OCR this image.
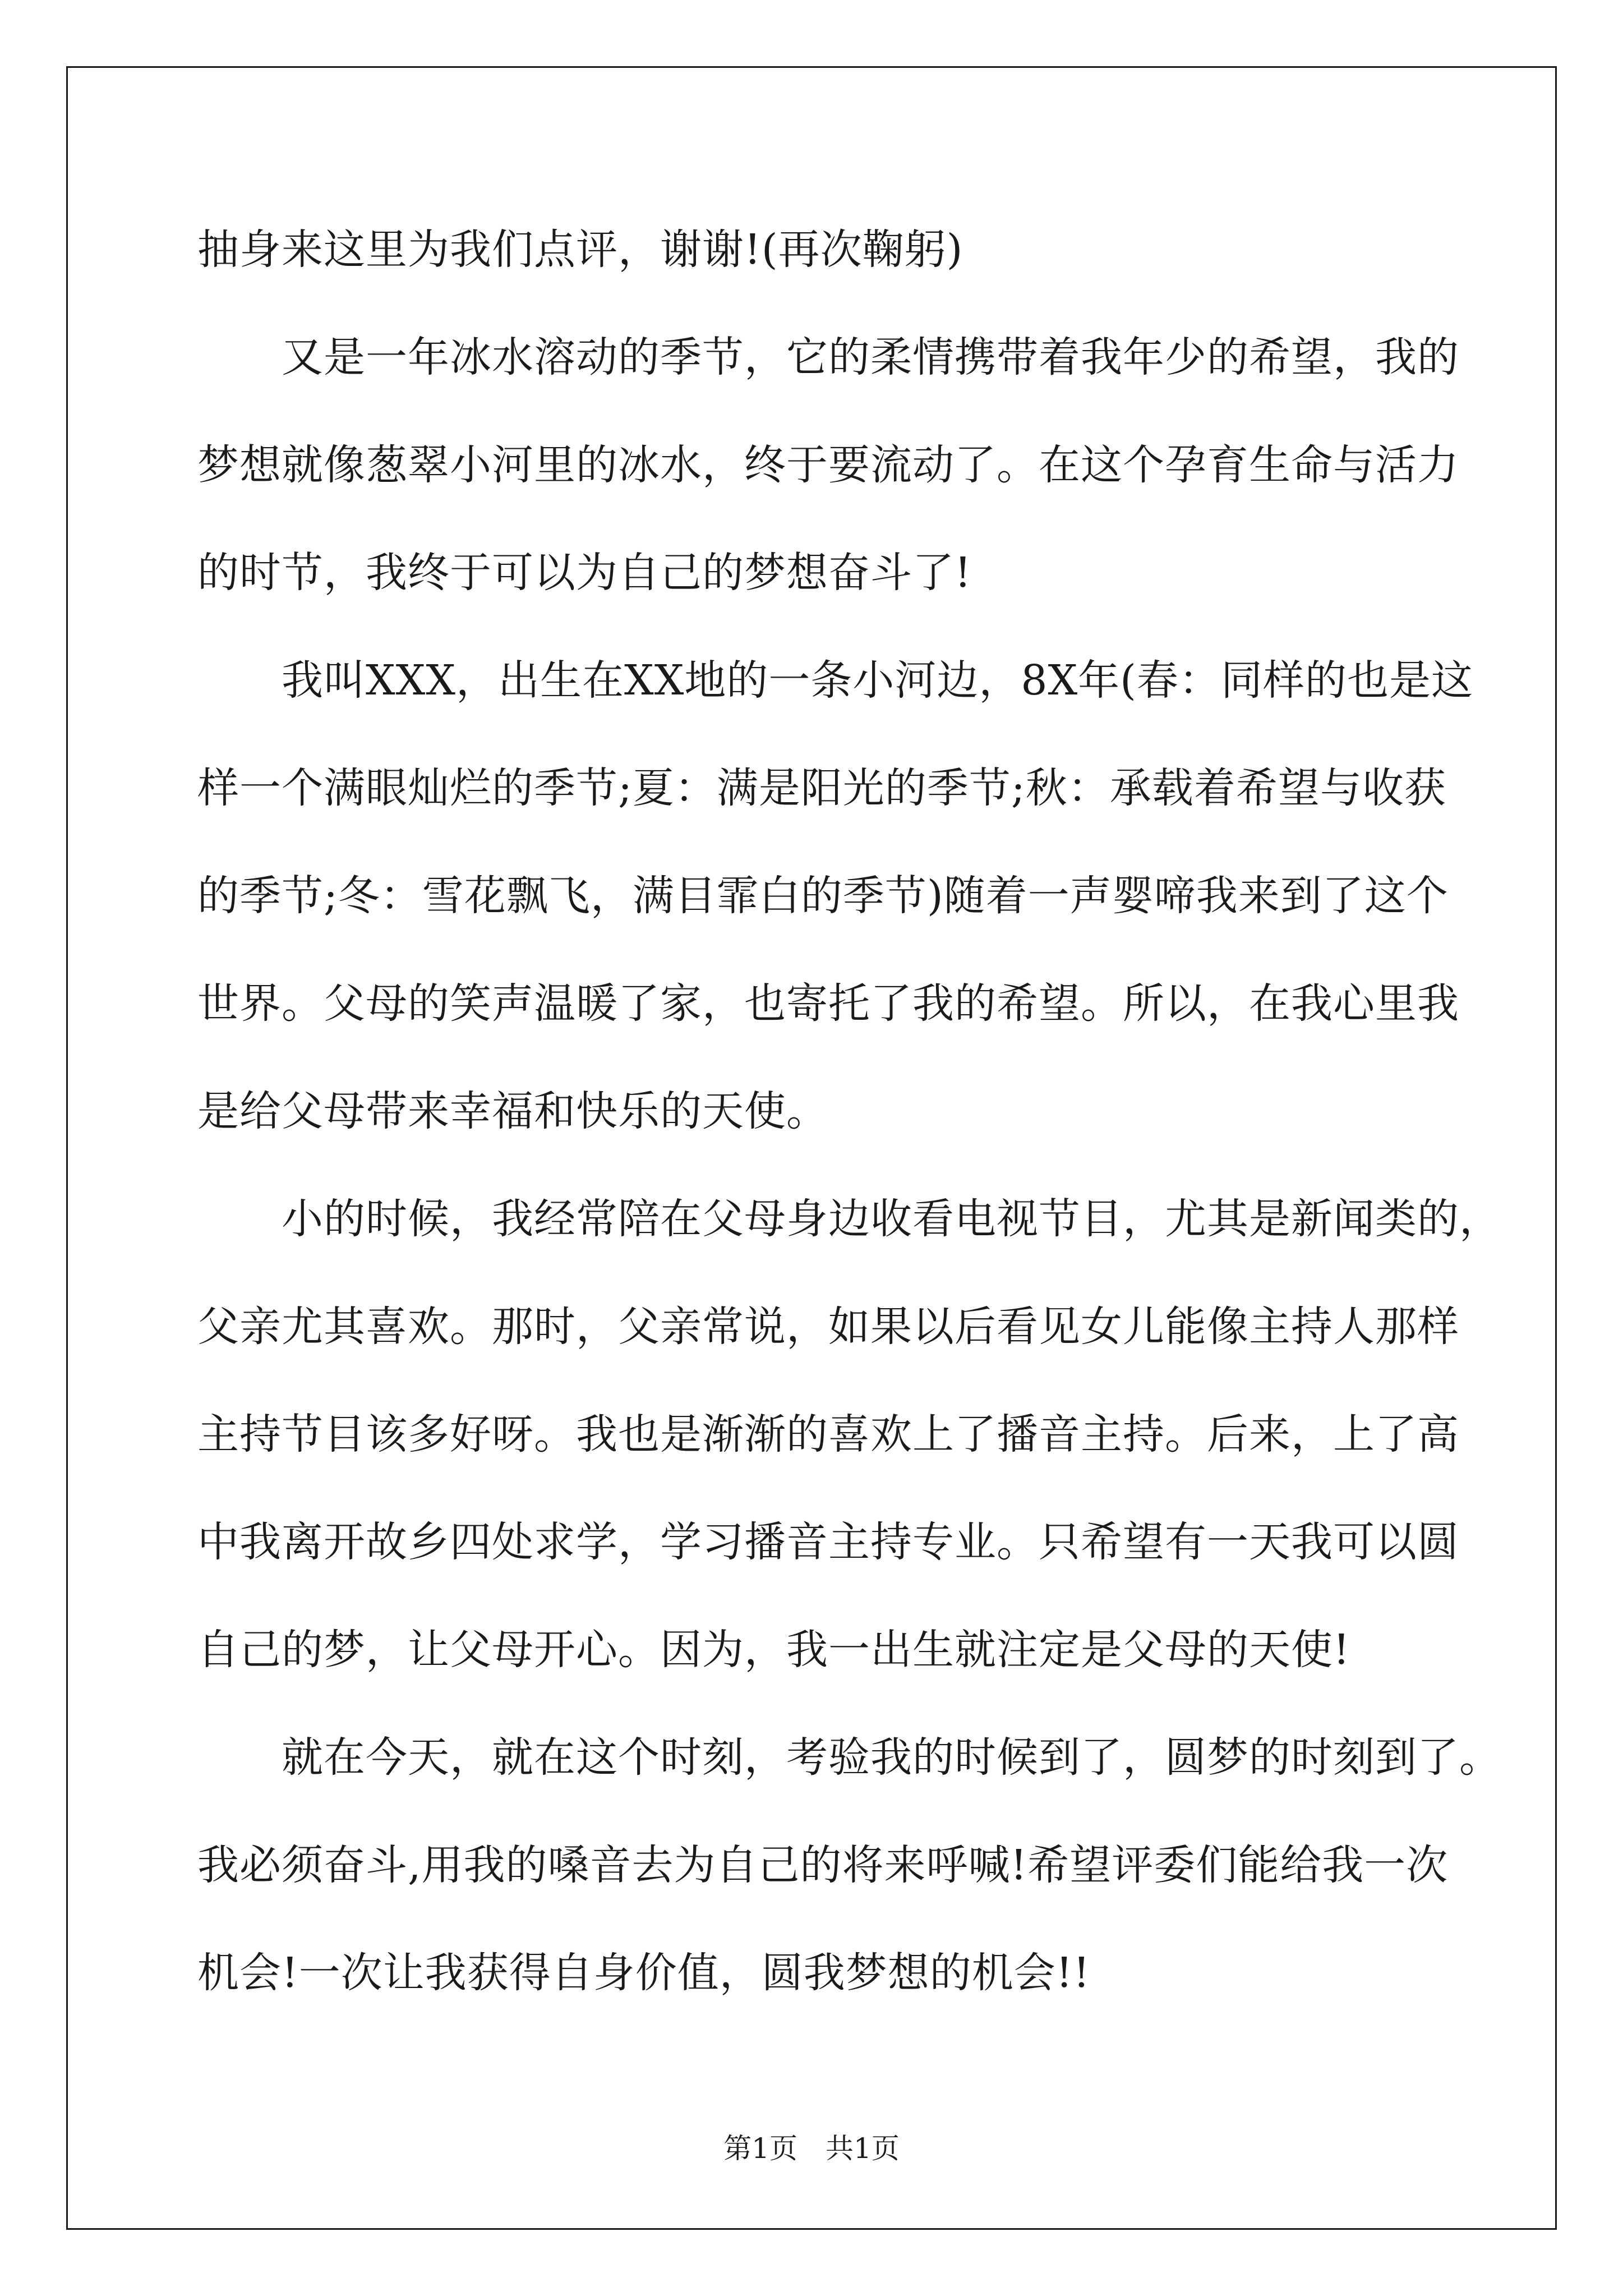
抽身来这里为我们点评，谢谢!(再次鞠躬)
又是一年冰水溶动的季节，它的柔情携带着我年少的希望，我的
梦想就像葱翠小河里的冰水，终于要流动了。在这个孕育生命与活力
的时节，我终于可以为自己的梦想奋斗了!
我叫XXX，出生在XX地的一条小河边，8X年(春：同样的也是这
样一个满眼灿烂的季节;夏：满是阳光的季节;秋：承载着希望与收获
的季节;冬：雪花飘飞，满目霏白的季节)随着一声婴啼我来到了这个
世界。父母的笑声温暖了家，也寄托了我的希望。所以，在我心里我
是给父母带来幸福和快乐的天使。
小的时候，我经常陪在父母身边收看电视节目，尤其是新闻类的，
父亲尤其喜欢。那时，父亲常说，如果以后看见女儿能像主持人那样
主持节目该多好呀。我也是渐渐的喜欢上了播音主持。后来，上了高
中我离开故乡四处求学，学习播音主持专业。只希望有一天我可以圆
自己的梦，让父母开心。因为，我一出生就注定是父母的天使!
就在今天，就在这个时刻，考验我的时候到了，圆梦的时刻到了。
我必须奋斗,用我的嗓音去为自己的将来呼喊!希望评委们能给我一次
机会!一次让我获得自身价值，圆我梦想的机会!!
第1页 共1页
